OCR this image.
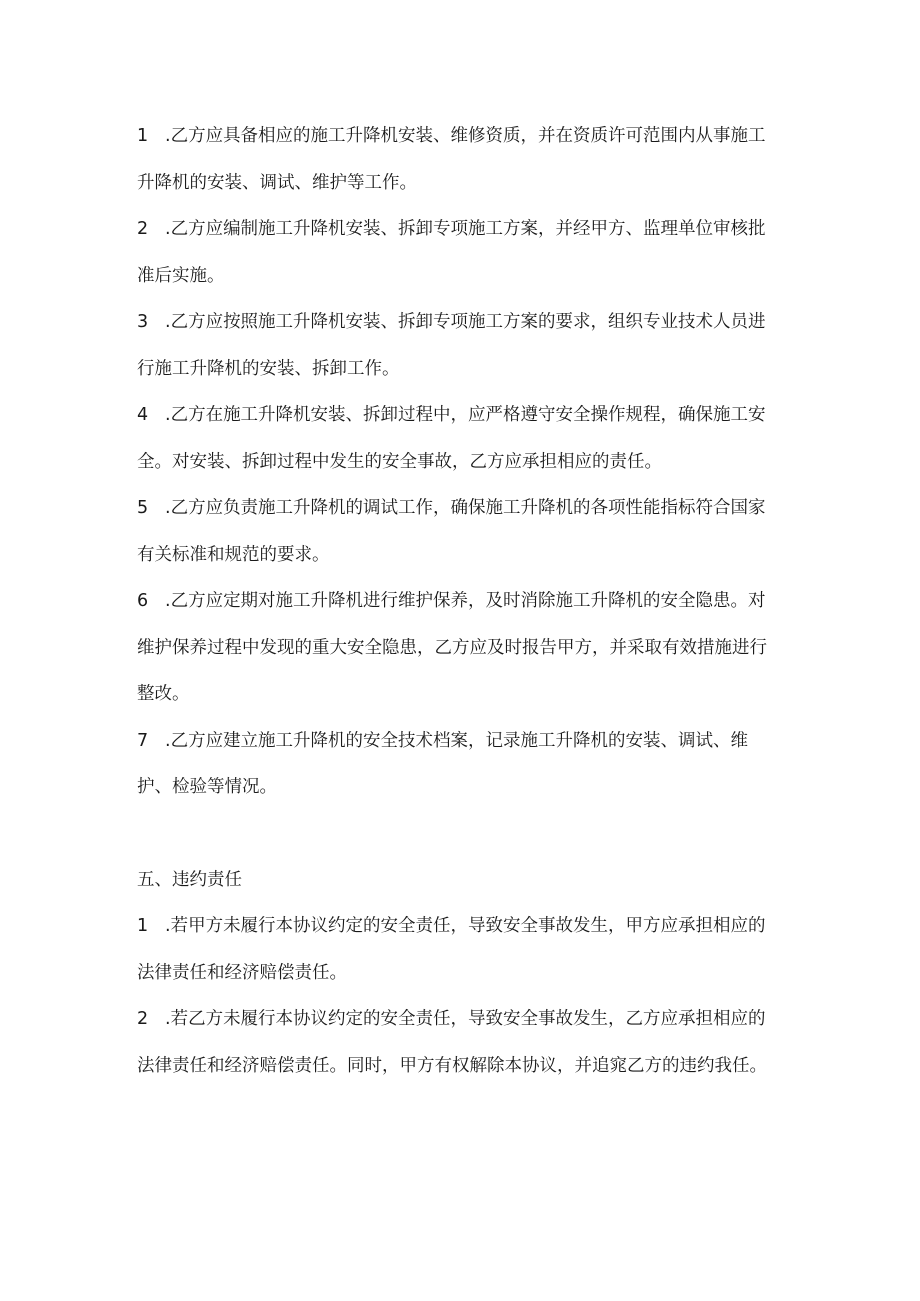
1 .乙方应具备相应的施工升降机安装、维修资质，并在资质许可范围内从事施工升降机的安装、调试、维护等工作。

2 .乙方应编制施工升降机安装、拆卸专项施工方案，并经甲方、监理单位审核批准后实施。

3 .乙方应按照施工升降机安装、拆卸专项施工方案的要求，组织专业技术人员进行施工升降机的安装、拆卸工作。

4 .乙方在施工升降机安装、拆卸过程中，应严格遵守安全操作规程，确保施工安全。对安装、拆卸过程中发生的安全事故，乙方应承担相应的责任。

5 .乙方应负责施工升降机的调试工作，确保施工升降机的各项性能指标符合国家有关标准和规范的要求。

6 .乙方应定期对施工升降机进行维护保养，及时消除施工升降机的安全隐患。对维护保养过程中发现的重大安全隐患，乙方应及时报告甲方，并采取有效措施进行整改。

7 .乙方应建立施工升降机的安全技术档案，记录施工升降机的安装、调试、维护、检验等情况。

五、违约责任

1 .若甲方未履行本协议约定的安全责任，导致安全事故发生，甲方应承担相应的法律责任和经济赔偿责任。

2 .若乙方未履行本协议约定的安全责任，导致安全事故发生，乙方应承担相应的法律责任和经济赔偿责任。同时，甲方有权解除本协议，并追窕乙方的违约我任。
